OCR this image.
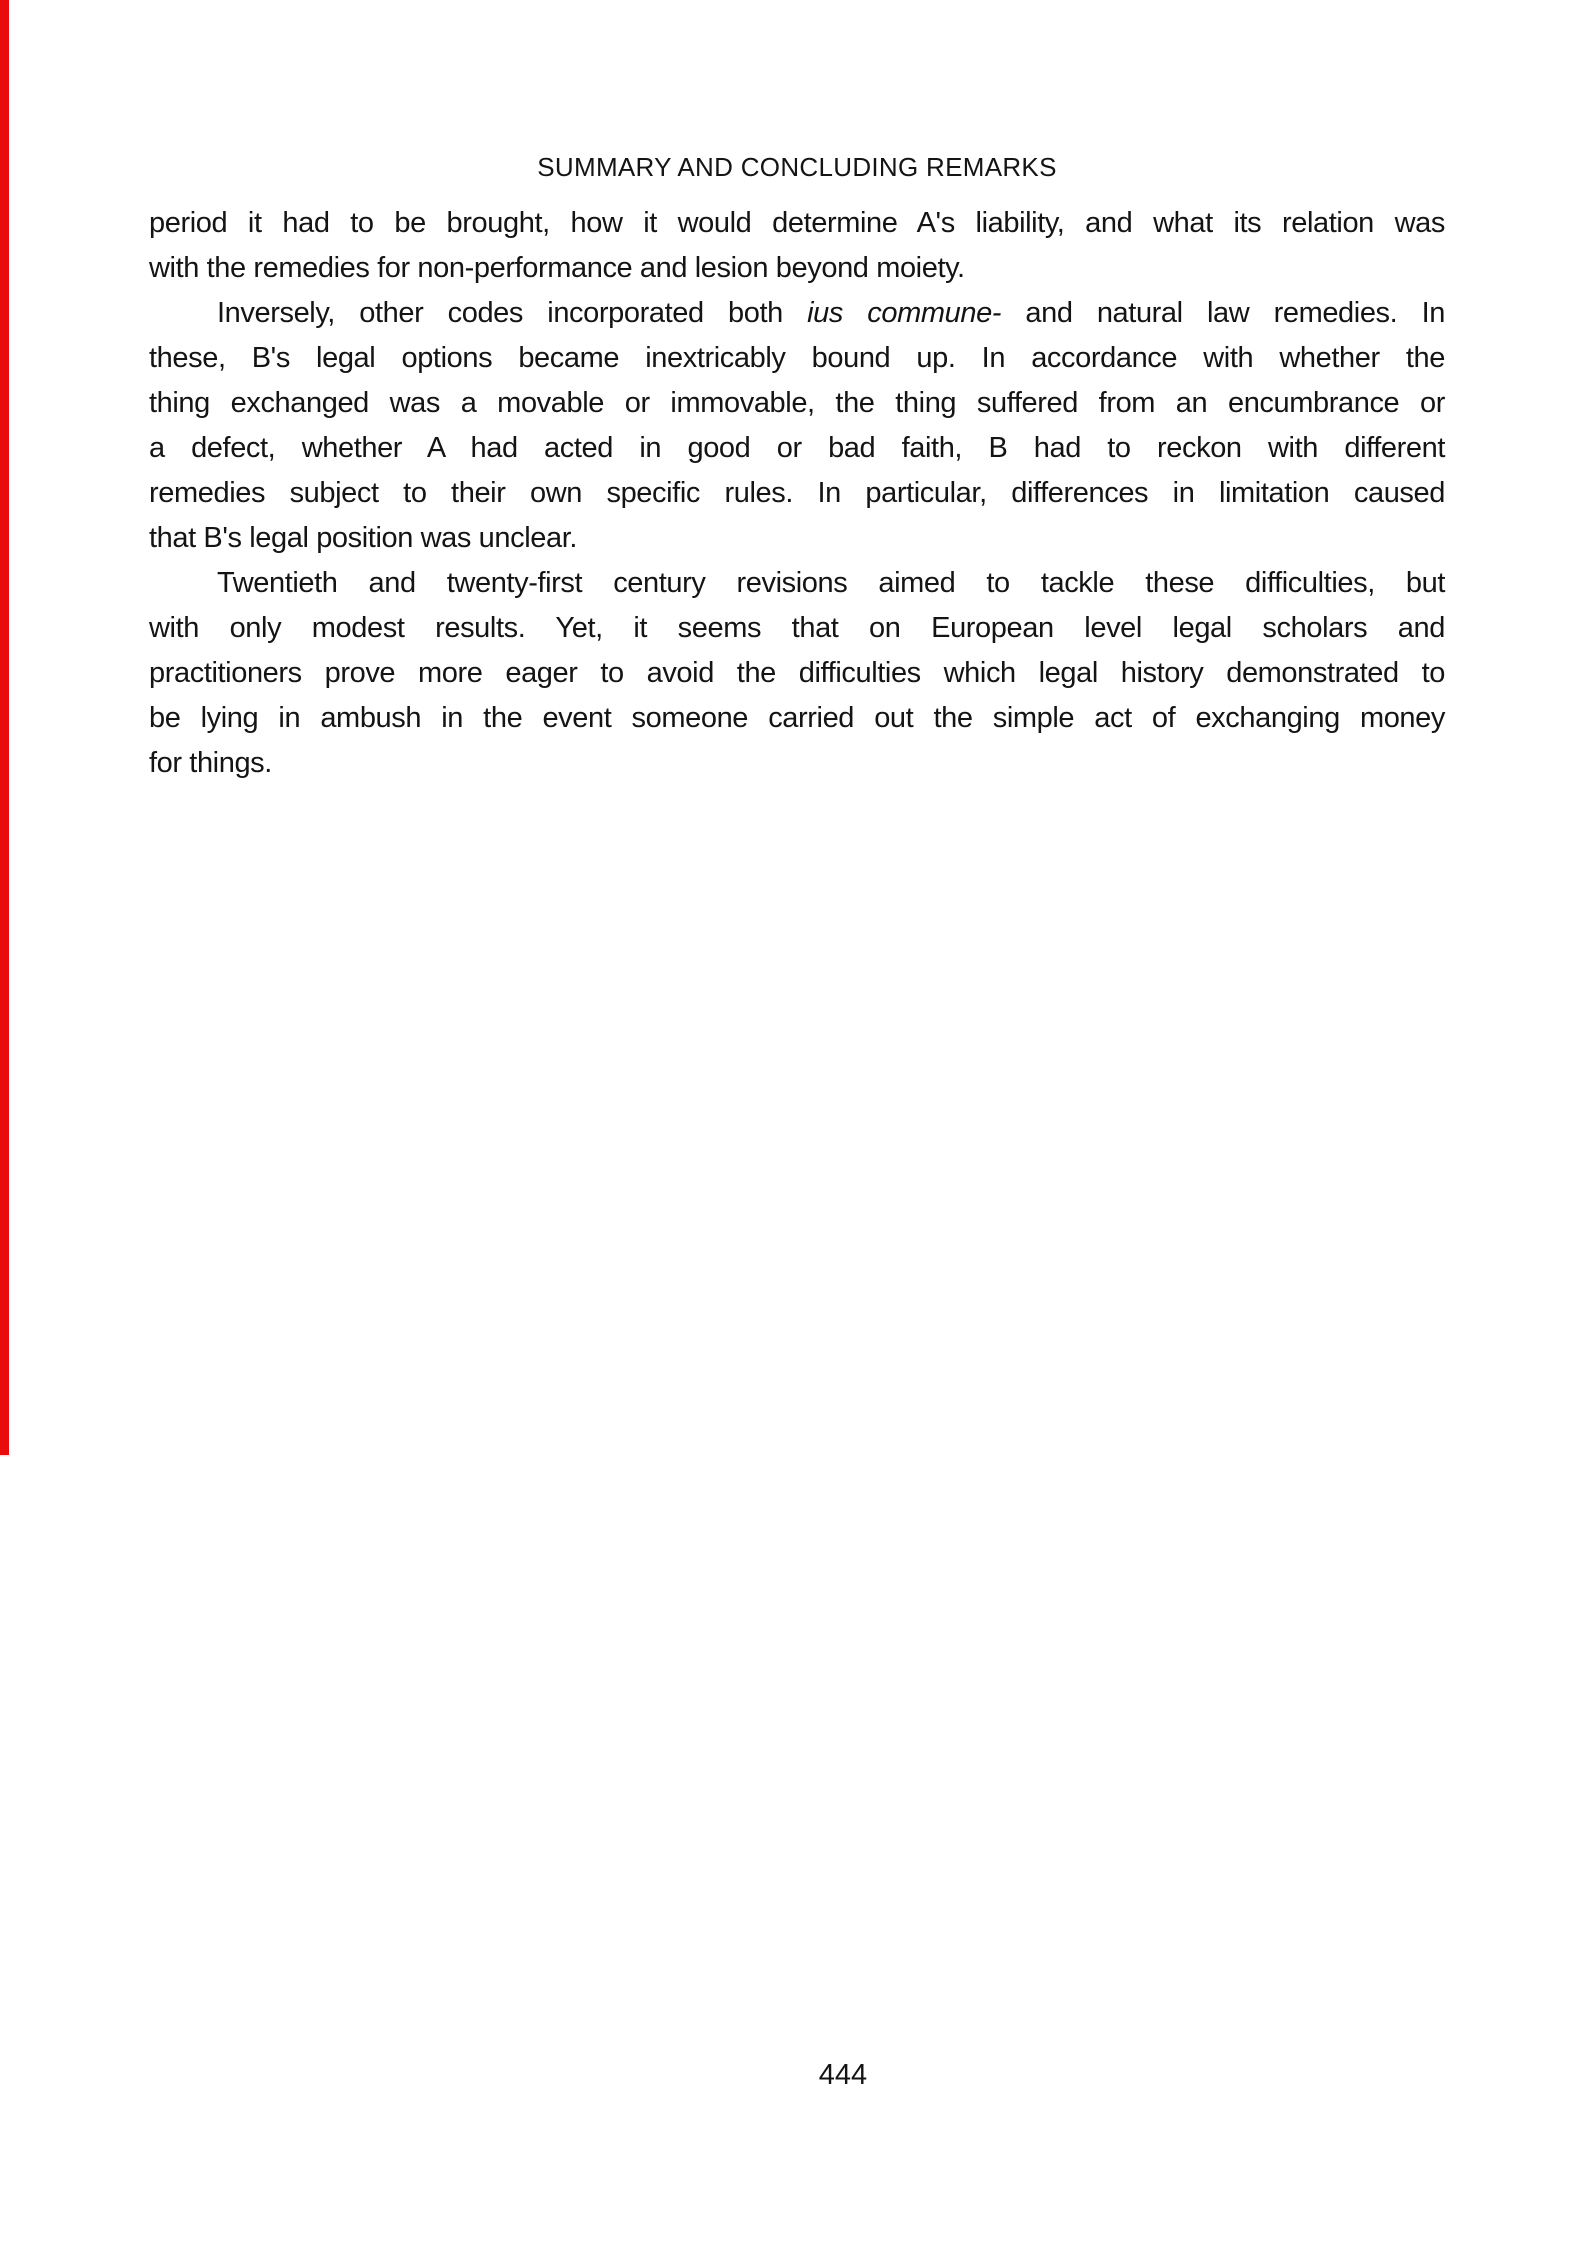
SUMMARY AND CONCLUDING REMARKS
period it had to be brought, how it would determine A's liability, and what its relation was
with the remedies for non-performance and lesion beyond moiety.
Inversely, other codes incorporated both ius commune- and natural law remedies. In
these, B's legal options became inextricably bound up. In accordance with whether the
thing exchanged was a movable or immovable, the thing suffered from an encumbrance or
a defect, whether A had acted in good or bad faith, B had to reckon with different
remedies subject to their own specific rules. In particular, differences in limitation caused
that B's legal position was unclear.
Twentieth and twenty-first century revisions aimed to tackle these difficulties, but
with only modest results. Yet, it seems that on European level legal scholars and
practitioners prove more eager to avoid the difficulties which legal history demonstrated to
be lying in ambush in the event someone carried out the simple act of exchanging money
for things.
444
